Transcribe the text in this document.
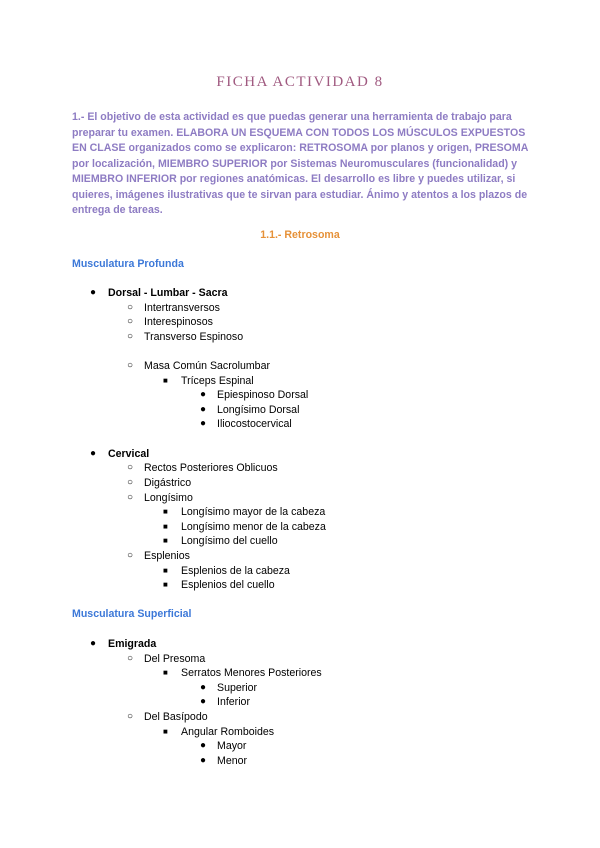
FICHA ACTIVIDAD 8
1.- El objetivo de esta actividad es que puedas generar una herramienta de trabajo para preparar tu examen. ELABORA UN ESQUEMA CON TODOS LOS MÚSCULOS EXPUESTOS EN CLASE organizados como se explicaron: RETROSOMA por planos y origen, PRESOMA por localización, MIEMBRO SUPERIOR por Sistemas Neuromusculares (funcionalidad) y MIEMBRO INFERIOR por regiones anatómicas. El desarrollo es libre y puedes utilizar, si quieres, imágenes ilustrativas que te sirvan para estudiar. Ánimo y atentos a los plazos de entrega de tareas.
1.1.- Retrosoma
Musculatura Profunda
● Dorsal - Lumbar - Sacra
○ Intertransversos
○ Interespinosos
○ Transverso Espinoso
○ Masa Común Sacrolumbar
■ Tríceps Espinal
● Epiespinoso Dorsal
● Longísimo Dorsal
● Iliocostocervical
● Cervical
○ Rectos Posteriores Oblicuos
○ Digástrico
○ Longísimo
■ Longísimo mayor de la cabeza
■ Longísimo menor de la cabeza
■ Longísimo del cuello
○ Esplenios
■ Esplenios de la cabeza
■ Esplenios del cuello
Musculatura Superficial
● Emigrada
○ Del Presoma
■ Serratos Menores Posteriores
● Superior
● Inferior
○ Del Basípodo
■ Angular Romboides
● Mayor
● Menor
